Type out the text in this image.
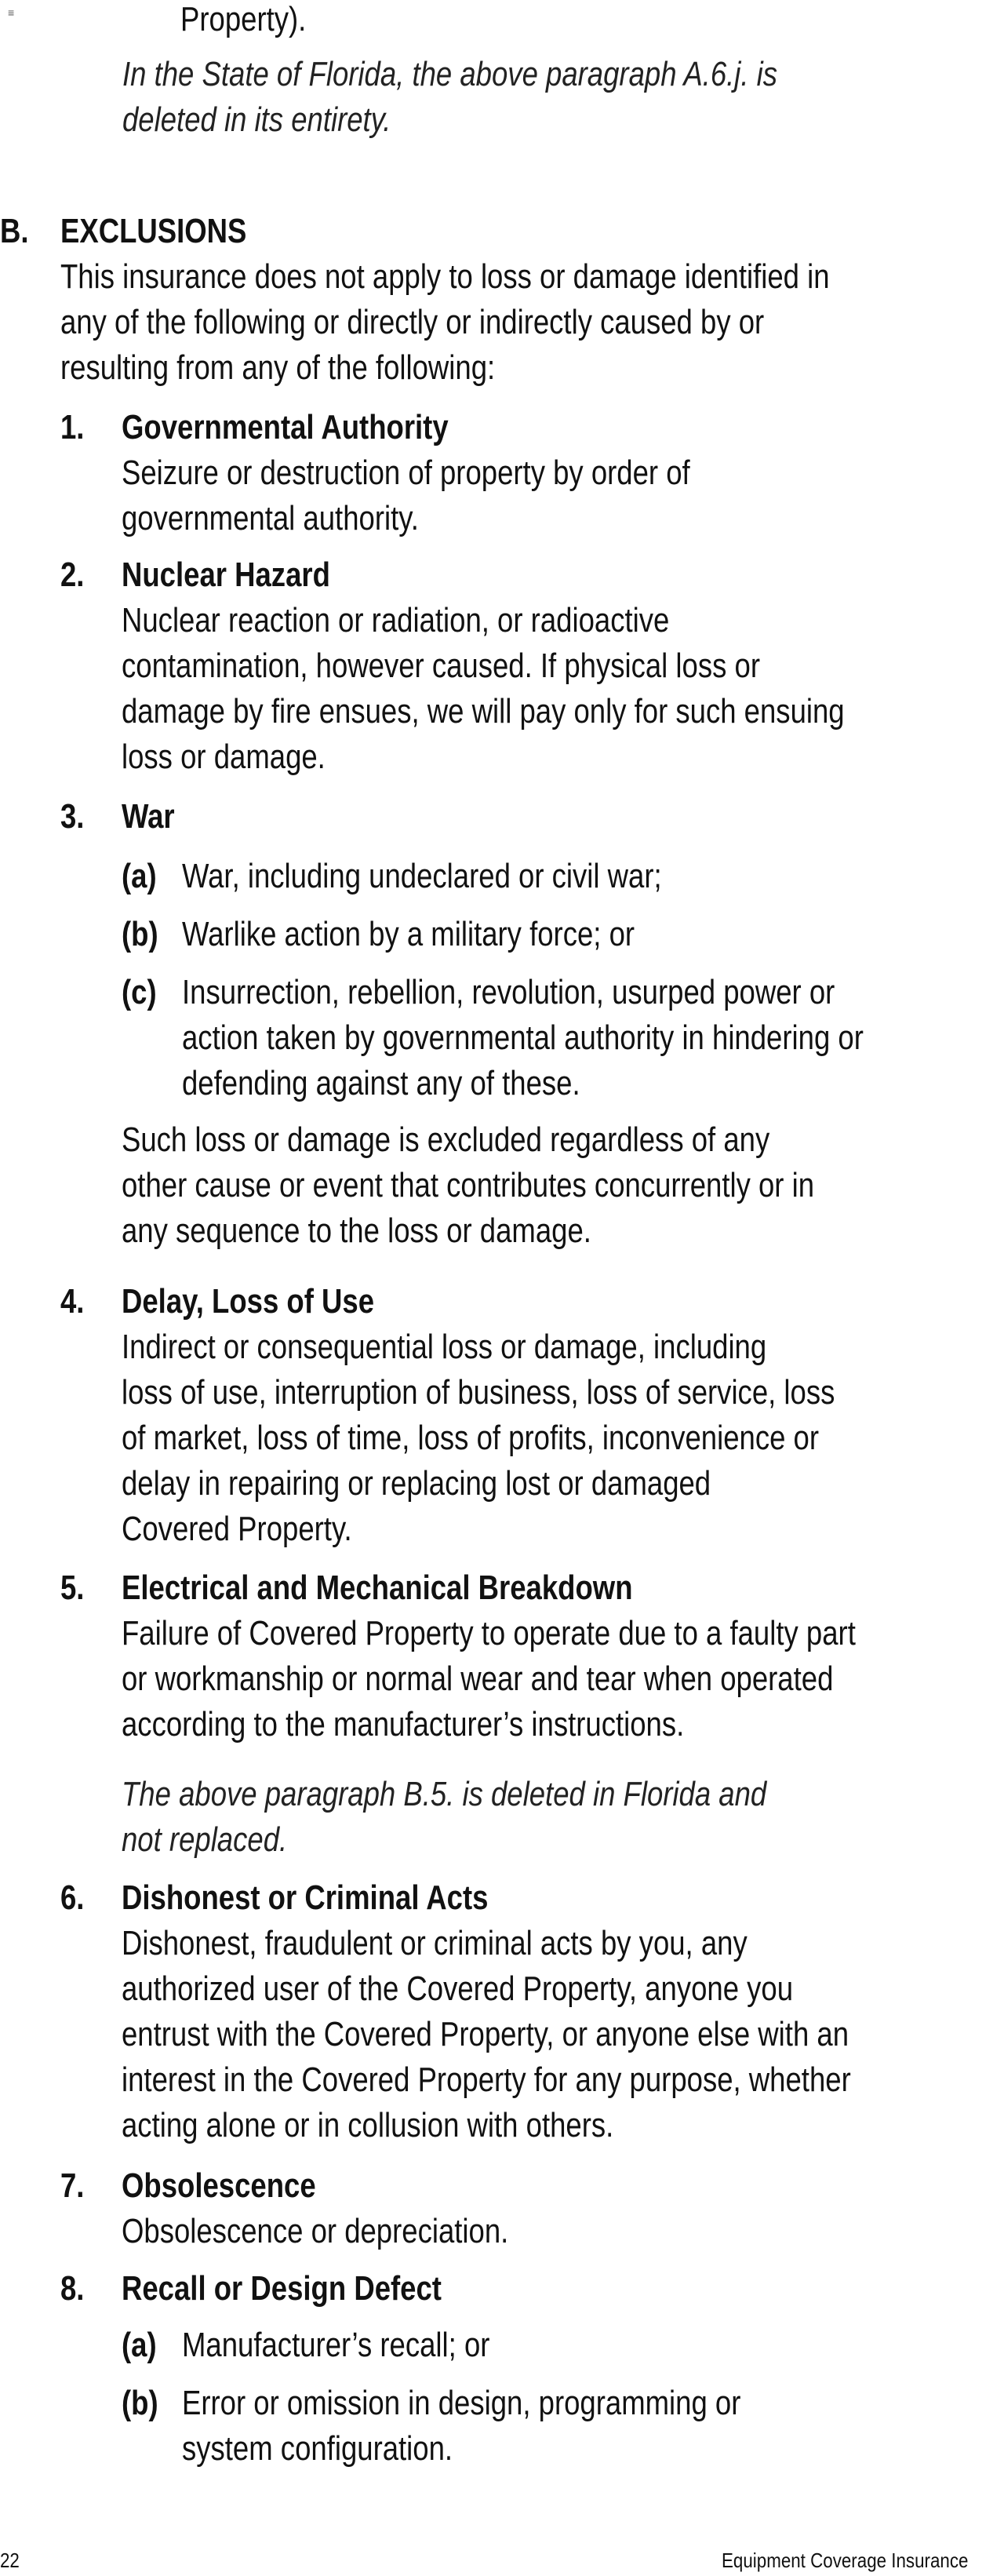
≡	Property).
In the State of Florida, the above paragraph A.6.j. is
deleted in its entirety.
B. EXCLUSIONS
This insurance does not apply to loss or damage identified in
any of the following or directly or indirectly caused by or
resulting from any of the following:
1. Governmental Authority
Seizure or destruction of property by order of
governmental authority.
2. Nuclear Hazard
Nuclear reaction or radiation, or radioactive
contamination, however caused. If physical loss or
damage by fire ensues, we will pay only for such ensuing
loss or damage.
3. War
(a) War, including undeclared or civil war;
(b) Warlike action by a military force; or
(c) Insurrection, rebellion, revolution, usurped power or
action taken by governmental authority in hindering or
defending against any of these.
Such loss or damage is excluded regardless of any
other cause or event that contributes concurrently or in
any sequence to the loss or damage.
4. Delay, Loss of Use
Indirect or consequential loss or damage, including
loss of use, interruption of business, loss of service, loss
of market, loss of time, loss of profits, inconvenience or
delay in repairing or replacing lost or damaged
Covered Property.
5. Electrical and Mechanical Breakdown
Failure of Covered Property to operate due to a faulty part
or workmanship or normal wear and tear when operated
according to the manufacturer’s instructions.
The above paragraph B.5. is deleted in Florida and
not replaced.
6. Dishonest or Criminal Acts
Dishonest, fraudulent or criminal acts by you, any
authorized user of the Covered Property, anyone you
entrust with the Covered Property, or anyone else with an
interest in the Covered Property for any purpose, whether
acting alone or in collusion with others.
7. Obsolescence
Obsolescence or depreciation.
8. Recall or Design Defect
(a) Manufacturer’s recall; or
(b) Error or omission in design, programming or
system configuration.
22	Equipment Coverage Insurance
